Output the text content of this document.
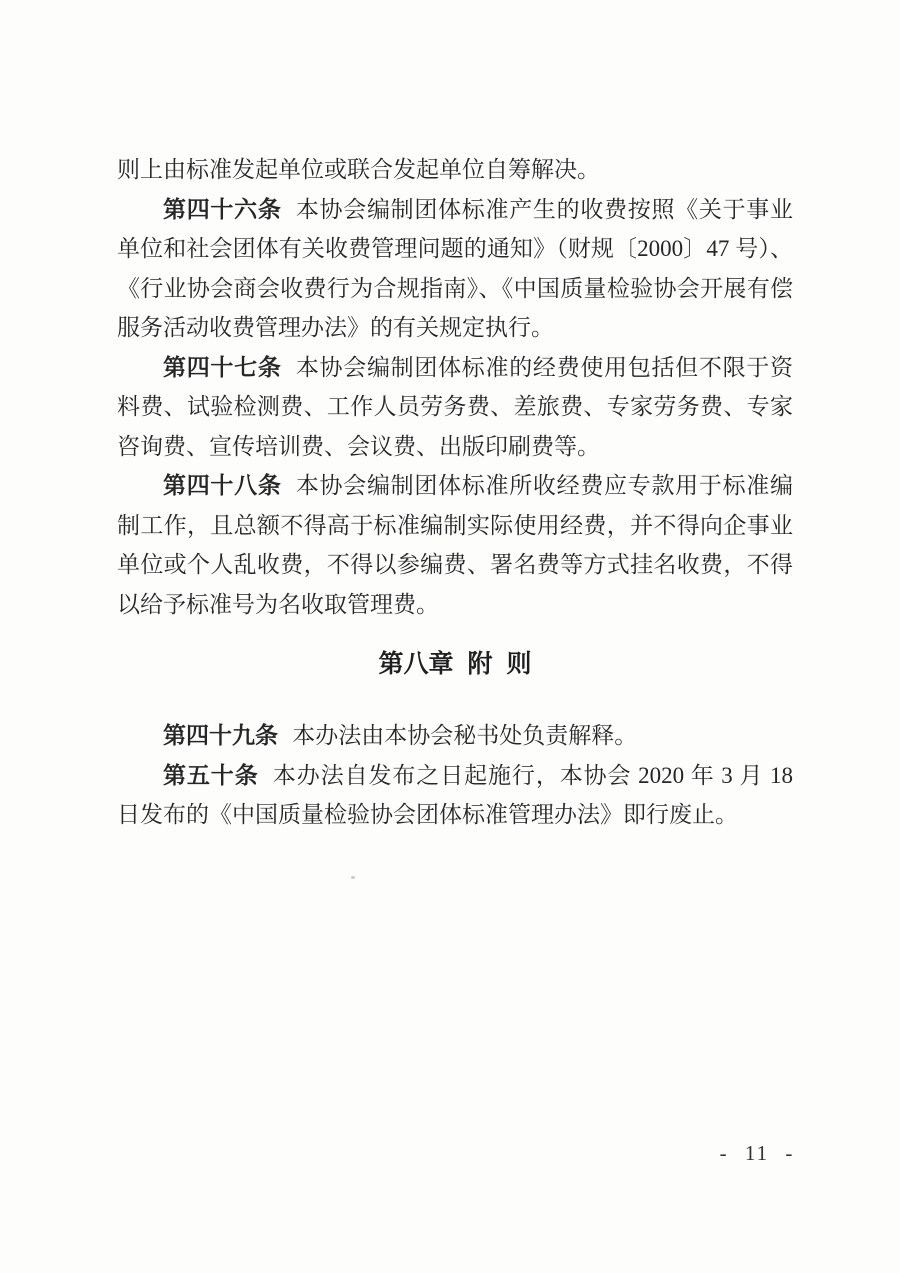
则上由标准发起单位或联合发起单位自筹解决。

第四十六条 本协会编制团体标准产生的收费按照《关于事业单位和社会团体有关收费管理问题的通知》（财规〔2000〕47 号）、《行业协会商会收费行为合规指南》、《中国质量检验协会开展有偿服务活动收费管理办法》的有关规定执行。

第四十七条 本协会编制团体标准的经费使用包括但不限于资料费、试验检测费、工作人员劳务费、差旅费、专家劳务费、专家咨询费、宣传培训费、会议费、出版印刷费等。

第四十八条 本协会编制团体标准所收经费应专款用于标准编制工作，且总额不得高于标准编制实际使用经费，并不得向企事业单位或个人乱收费，不得以参编费、署名费等方式挂名收费，不得以给予标准号为名收取管理费。

第八章 附 则

第四十九条 本办法由本协会秘书处负责解释。

第五十条 本办法自发布之日起施行，本协会 2020 年 3 月 18 日发布的《中国质量检验协会团体标准管理办法》即行废止。

- 11 -
